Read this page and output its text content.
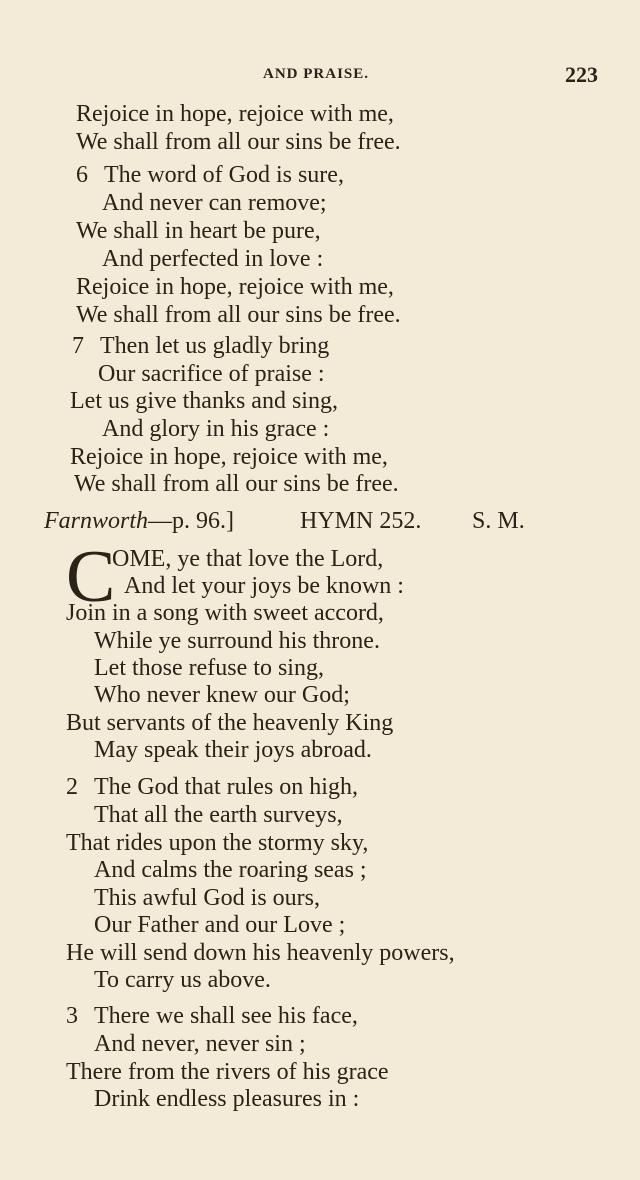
AND PRAISE.	223
Rejoice in hope, rejoice with me,
We shall from all our sins be free.
6 The word of God is sure,
And never can remove;
We shall in heart be pure,
And perfected in love :
Rejoice in hope, rejoice with me,
We shall from all our sins be free.
7 Then let us gladly bring
Our sacrifice of praise :
Let us give thanks and sing,
And glory in his grace :
Rejoice in hope, rejoice with me,
We shall from all our sins be free.
Farnworth—p. 96.]	HYMN 252. S. M.
C
OME, ye that love the Lord,
And let your joys be known :
Join in a song with sweet accord,
While ye surround his throne.
Let those refuse to sing,
Who never knew our God;
But servants of the heavenly King
May speak their joys abroad.
2 The God that rules on high,
That all the earth surveys,
That rides upon the stormy sky,
And calms the roaring seas ;
This awful God is ours,
Our Father and our Love ;
He will send down his heavenly powers,
To carry us above.
3 There we shall see his face,
And never, never sin ;
There from the rivers of his grace
Drink endless pleasures in :
